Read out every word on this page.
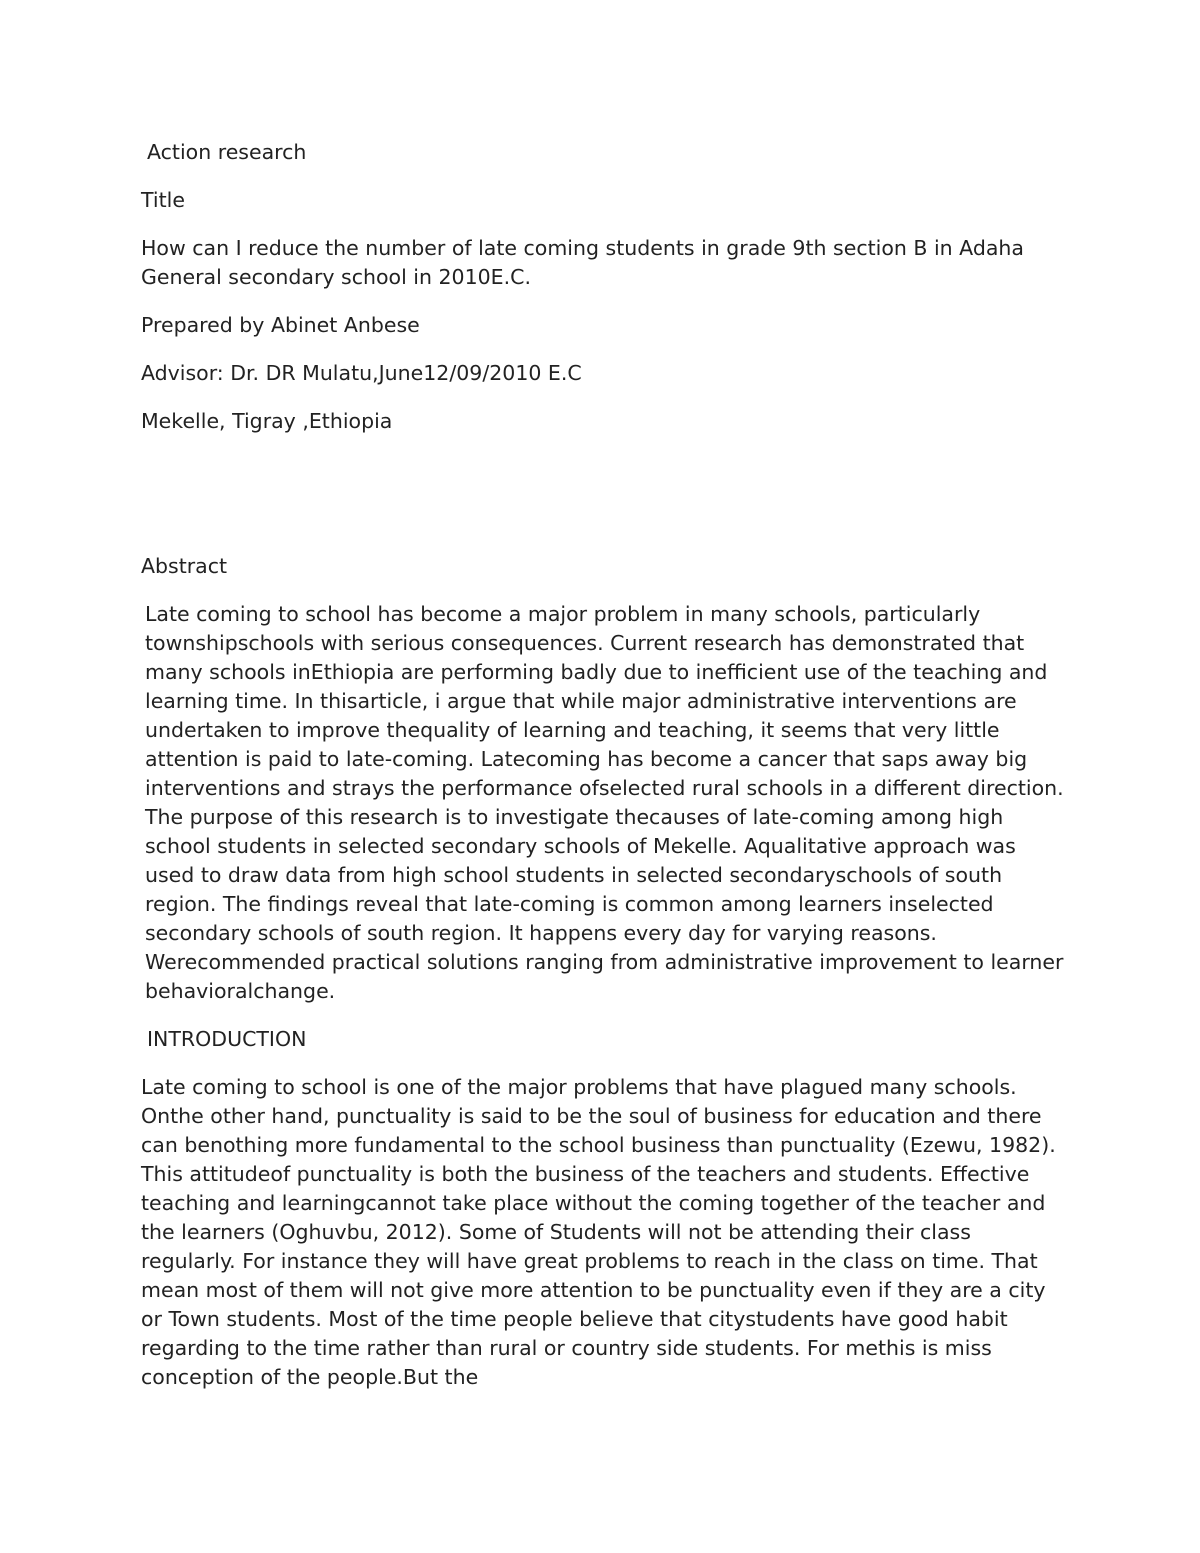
Action research

Title

How can I reduce the number of late coming students in grade 9th section B in Adaha General secondary school in 2010E.C.

Prepared by Abinet Anbese

Advisor: Dr. DR Mulatu,June12/09/2010 E.C

Mekelle, Tigray ,Ethiopia

Abstract

Late coming to school has become a major problem in many schools, particularly townshipschools with serious consequences. Current research has demonstrated that many schools inEthiopia are performing badly due to inefficient use of the teaching and learning time. In thisarticle, i argue that while major administrative interventions are undertaken to improve thequality of learning and teaching, it seems that very little attention is paid to late-coming. Latecoming has become a cancer that saps away big interventions and strays the performance ofselected rural schools in a different direction. The purpose of this research is to investigate thecauses of late-coming among high school students in selected secondary schools of Mekelle. Aqualitative approach was used to draw data from high school students in selected secondaryschools of south region. The findings reveal that late-coming is common among learners inselected secondary schools of south region. It happens every day for varying reasons. Werecommended practical solutions ranging from administrative improvement to learner behavioralchange.

INTRODUCTION

Late coming to school is one of the major problems that have plagued many schools. Onthe other hand, punctuality is said to be the soul of business for education and there can benothing more fundamental to the school business than punctuality (Ezewu, 1982). This attitudeof punctuality is both the business of the teachers and students. Effective teaching and learningcannot take place without the coming together of the teacher and the learners (Oghuvbu, 2012). Some of Students will not be attending their class regularly. For instance they will have great problems to reach in the class on time. That mean most of them will not give more attention to be punctuality even if they are a city or Town students. Most of the time people believe that citystudents have good habit regarding to the time rather than rural or country side students. For methis is miss conception of the people.But the
